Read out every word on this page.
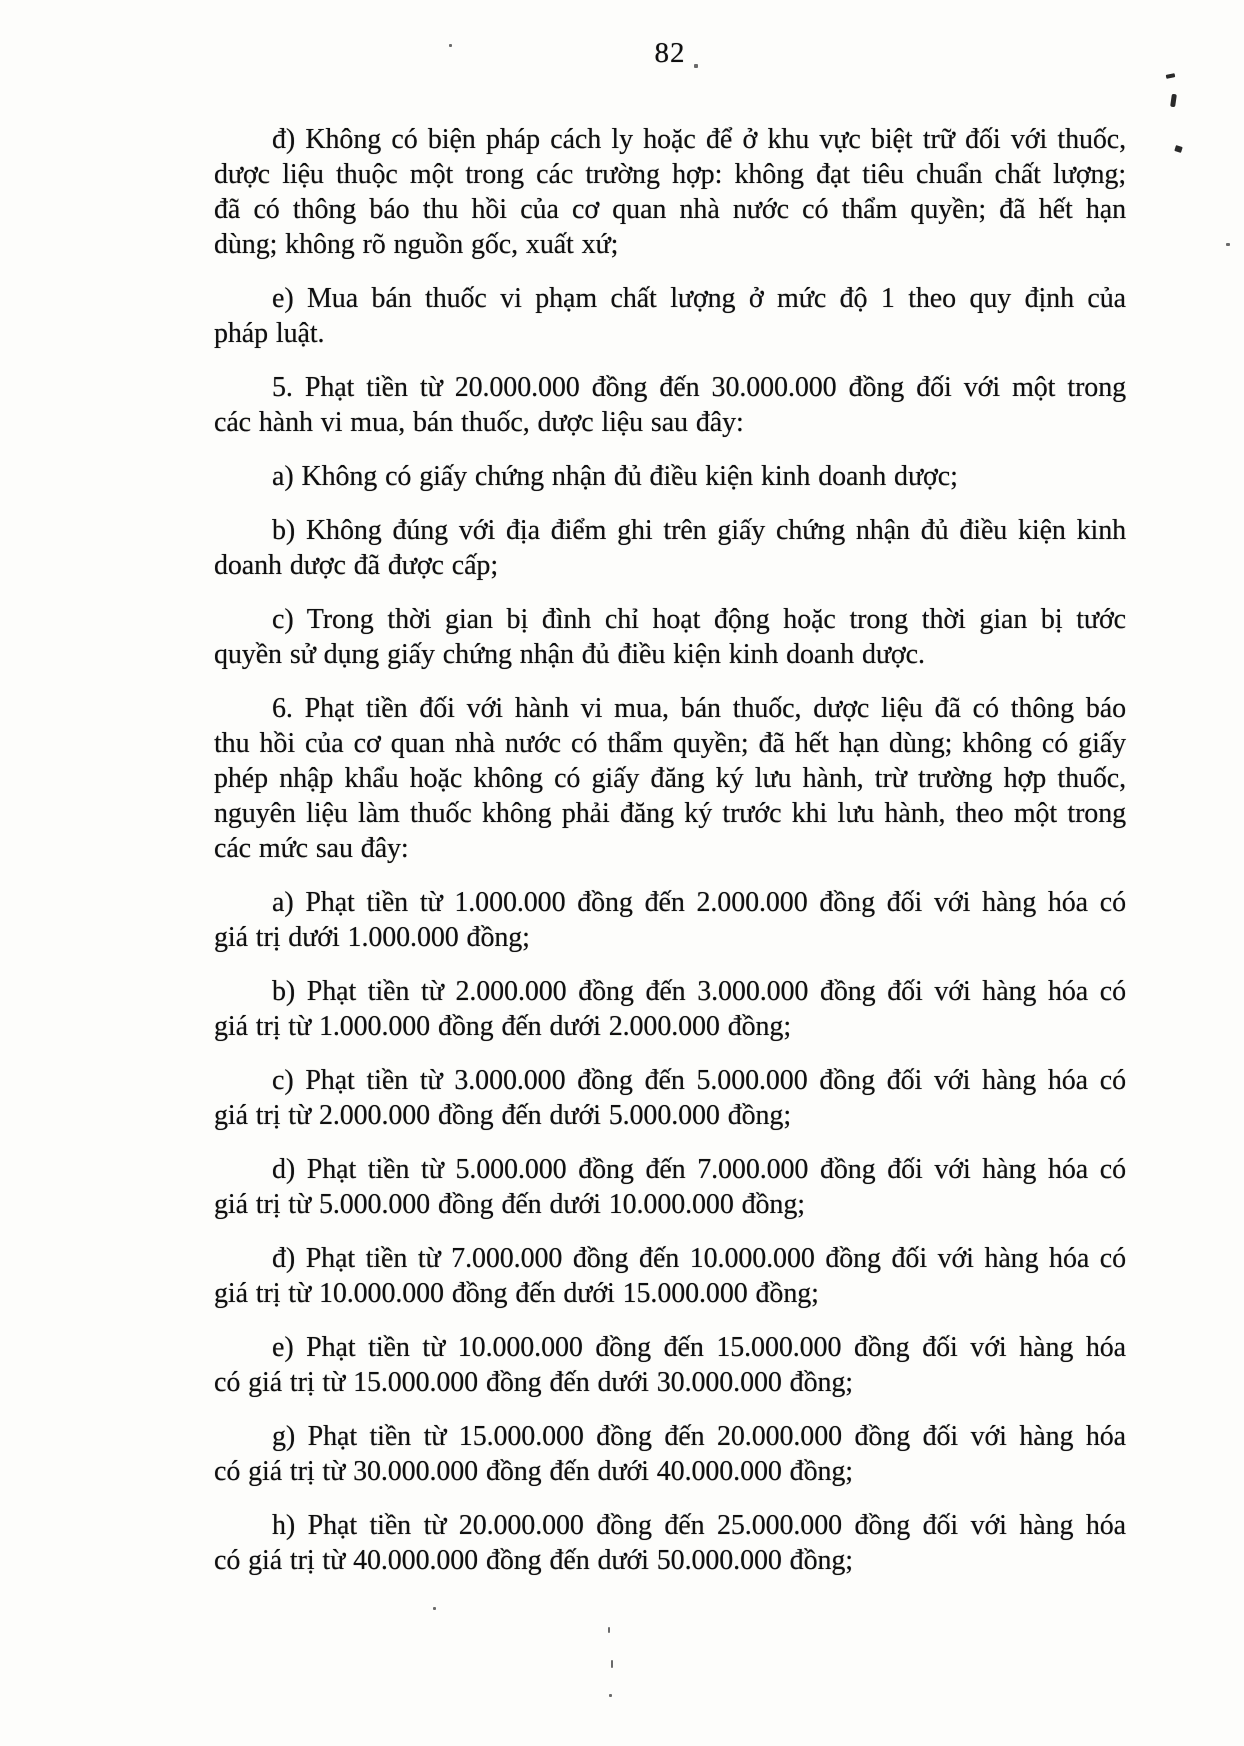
82
đ) Không có biện pháp cách ly hoặc để ở khu vực biệt trữ đối với thuốc,
dược liệu thuộc một trong các trường hợp: không đạt tiêu chuẩn chất lượng;
đã có thông báo thu hồi của cơ quan nhà nước có thẩm quyền; đã hết hạn
dùng; không rõ nguồn gốc, xuất xứ;
e) Mua bán thuốc vi phạm chất lượng ở mức độ 1 theo quy định của
pháp luật.
5. Phạt tiền từ 20.000.000 đồng đến 30.000.000 đồng đối với một trong
các hành vi mua, bán thuốc, dược liệu sau đây:
a) Không có giấy chứng nhận đủ điều kiện kinh doanh dược;
b) Không đúng với địa điểm ghi trên giấy chứng nhận đủ điều kiện kinh
doanh dược đã được cấp;
c) Trong thời gian bị đình chỉ hoạt động hoặc trong thời gian bị tước
quyền sử dụng giấy chứng nhận đủ điều kiện kinh doanh dược.
6. Phạt tiền đối với hành vi mua, bán thuốc, dược liệu đã có thông báo
thu hồi của cơ quan nhà nước có thẩm quyền; đã hết hạn dùng; không có giấy
phép nhập khẩu hoặc không có giấy đăng ký lưu hành, trừ trường hợp thuốc,
nguyên liệu làm thuốc không phải đăng ký trước khi lưu hành, theo một trong
các mức sau đây:
a) Phạt tiền từ 1.000.000 đồng đến 2.000.000 đồng đối với hàng hóa có
giá trị dưới 1.000.000 đồng;
b) Phạt tiền từ 2.000.000 đồng đến 3.000.000 đồng đối với hàng hóa có
giá trị từ 1.000.000 đồng đến dưới 2.000.000 đồng;
c) Phạt tiền từ 3.000.000 đồng đến 5.000.000 đồng đối với hàng hóa có
giá trị từ 2.000.000 đồng đến dưới 5.000.000 đồng;
d) Phạt tiền từ 5.000.000 đồng đến 7.000.000 đồng đối với hàng hóa có
giá trị từ 5.000.000 đồng đến dưới 10.000.000 đồng;
đ) Phạt tiền từ 7.000.000 đồng đến 10.000.000 đồng đối với hàng hóa có
giá trị từ 10.000.000 đồng đến dưới 15.000.000 đồng;
e) Phạt tiền từ 10.000.000 đồng đến 15.000.000 đồng đối với hàng hóa
có giá trị từ 15.000.000 đồng đến dưới 30.000.000 đồng;
g) Phạt tiền từ 15.000.000 đồng đến 20.000.000 đồng đối với hàng hóa
có giá trị từ 30.000.000 đồng đến dưới 40.000.000 đồng;
h) Phạt tiền từ 20.000.000 đồng đến 25.000.000 đồng đối với hàng hóa
có giá trị từ 40.000.000 đồng đến dưới 50.000.000 đồng;
